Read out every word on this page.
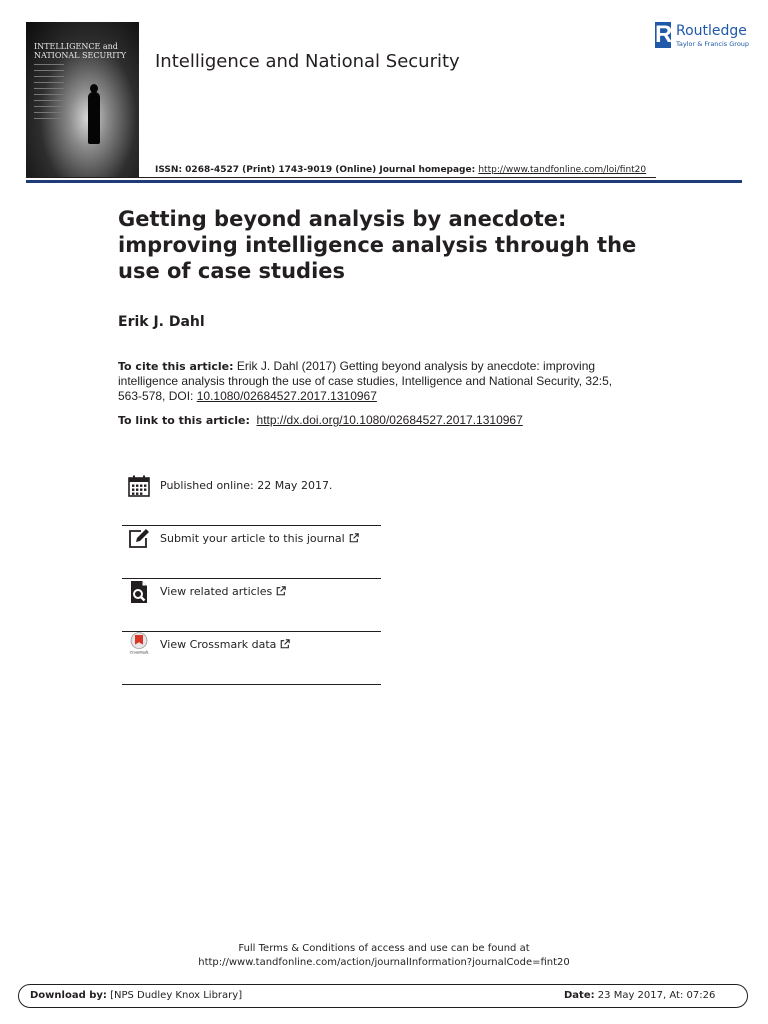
INTELLIGENCE and
NATIONAL SECURITY Intelligence and National Security
R Routledge
Taylor & Francis Group
ISSN: 0268-4527 (Print) 1743-9019 (Online) Journal homepage: http://www.tandfonline.com/loi/fint20
Getting beyond analysis by anecdote: improving intelligence analysis through the use of case studies
Erik J. Dahl
To cite this article: Erik J. Dahl (2017) Getting beyond analysis by anecdote: improving intelligence analysis through the use of case studies, Intelligence and National Security, 32:5, 563-578, DOI: 10.1080/02684527.2017.1310967
To link to this article: http://dx.doi.org/10.1080/02684527.2017.1310967
Published online: 22 May 2017.
Submit your article to this journal
View related articles
CrossMark
View Crossmark data
Full Terms & Conditions of access and use can be found at
http://www.tandfonline.com/action/journalInformation?journalCode=fint20
Download by: [NPS Dudley Knox Library]	Date: 23 May 2017, At: 07:26
